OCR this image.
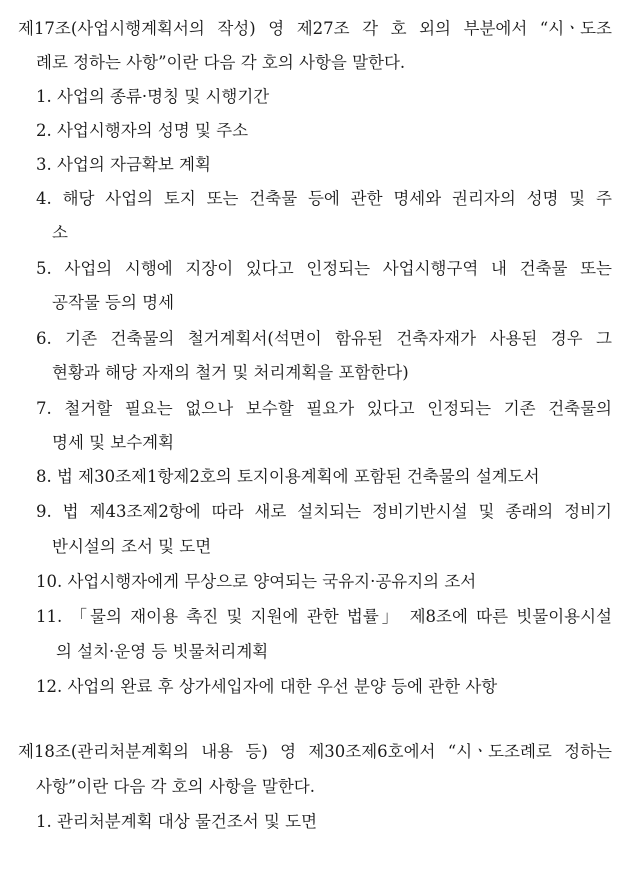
제17조(사업시행계획서의 작성) 영 제27조 각 호 외의 부분에서 “시ㆍ도조
례로 정하는 사항”이란 다음 각 호의 사항을 말한다.
1. 사업의 종류·명칭 및 시행기간
2. 사업시행자의 성명 및 주소
3. 사업의 자금확보 계획
4. 해당 사업의 토지 또는 건축물 등에 관한 명세와 권리자의 성명 및 주
소
5. 사업의 시행에 지장이 있다고 인정되는 사업시행구역 내 건축물 또는
공작물 등의 명세
6. 기존 건축물의 철거계획서(석면이 함유된 건축자재가 사용된 경우 그
현황과 해당 자재의 철거 및 처리계획을 포함한다)
7. 철거할 필요는 없으나 보수할 필요가 있다고 인정되는 기존 건축물의
명세 및 보수계획
8. 법 제30조제1항제2호의 토지이용계획에 포함된 건축물의 설계도서
9. 법 제43조제2항에 따라 새로 설치되는 정비기반시설 및 종래의 정비기
반시설의 조서 및 도면
10. 사업시행자에게 무상으로 양여되는 국유지·공유지의 조서
11. 「물의 재이용 촉진 및 지원에 관한 법률」 제8조에 따른 빗물이용시설
의 설치·운영 등 빗물처리계획
12. 사업의 완료 후 상가세입자에 대한 우선 분양 등에 관한 사항
제18조(관리처분계획의 내용 등) 영 제30조제6호에서 “시ㆍ도조례로 정하는
사항”이란 다음 각 호의 사항을 말한다.
1. 관리처분계획 대상 물건조서 및 도면
